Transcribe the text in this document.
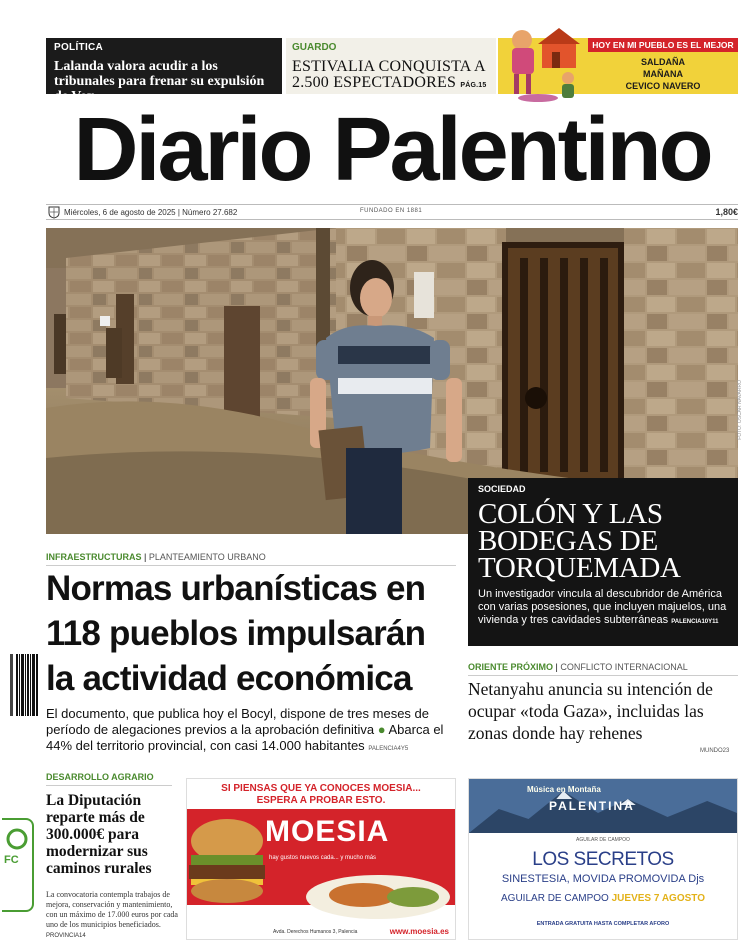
POLÍTICA
Lalanda valora acudir a los tribunales para frenar su expulsión de Vox PALENCIA6
GUARDO
ESTIVALIA CONQUISTA A 2.500 ESPECTADORES PÁG.15
HOY EN MI PUEBLO ES EL MEJOR
SALDAÑA
MAÑANA
CEVICO NAVERO
Diario Palentino
Miércoles, 6 de agosto de 2025 | Número 27.682	FUNDADO EN 1881	1,80€
FOTO: OSCAR NAVARRO
SOCIEDAD
COLÓN Y LAS BODEGAS DE TORQUEMADA
Un investigador vincula al descubridor de América con varias posesiones, que incluyen majuelos, una vivienda y tres cavidades subterráneas PALENCIA10Y11
INFRAESTRUCTURAS | PLANTEAMIENTO URBANO
Normas urbanísticas en 118 pueblos impulsarán la actividad económica
El documento, que publica hoy el Bocyl, dispone de tres meses de período de alegaciones previos a la aprobación definitiva ● Abarca el 44% del territorio provincial, con casi 14.000 habitantes PALENCIA4Y5
ORIENTE PRÓXIMO | CONFLICTO INTERNACIONAL
Netanyahu anuncia su intención de ocupar «toda Gaza», incluidas las zonas donde hay rehenes
MUNDO23
DESARROLLO AGRARIO
La Diputación reparte más de 300.000€ para modernizar sus caminos rurales
La convocatoria contempla trabajos de mejora, conservación y mantenimiento, con un máximo de 17.000 euros por cada uno de los municipios beneficiados. PROVINCIA14
FC
SI PIENSAS QUE YA CONOCES MOESIA...
ESPERA A PROBAR ESTO.
MOESIA
hay gustos nuevos cada... y mucho más
Avda. Derechos Humanos 3, Palencia	www.moesia.es
Música en Montaña
PALENTINA
AGUILAR DE CAMPOO
LOS SECRETOS
SINESTESIA, MOVIDA PROMOVIDA Djs
AGUILAR DE CAMPOO JUEVES 7 AGOSTO
ENTRADA GRATUITA HASTA COMPLETAR AFORO
